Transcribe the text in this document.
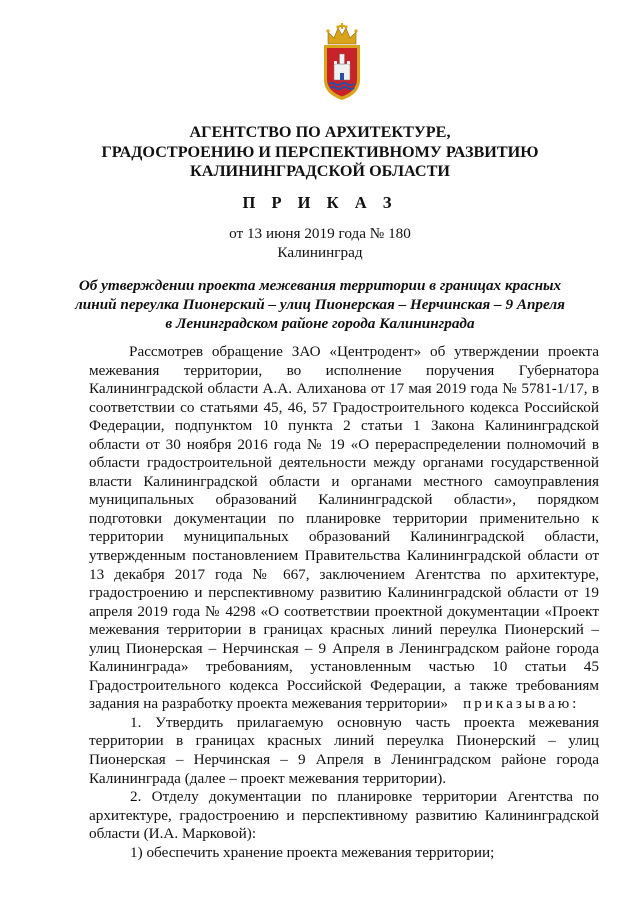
АГЕНТСТВО ПО АРХИТЕКТУРЕ,
ГРАДОСТРОЕНИЮ И ПЕРСПЕКТИВНОМУ РАЗВИТИЮ
КАЛИНИНГРАДСКОЙ ОБЛАСТИ
П Р И К А З
от 13 июня 2019 года № 180
Калининград
Об утверждении проекта межевания территории в границах красных
линий переулка Пионерский – улиц Пионерская – Нерчинская – 9 Апреля
в Ленинградском районе города Калининграда

Рассмотрев обращение ЗАО «Центродент» об утверждении проекта межевания территории, во исполнение поручения Губернатора Калининградской области А.А. Алиханова от 17 мая 2019 года № 5781-1/17, в соответствии со статьями 45, 46, 57 Градостроительного кодекса Российской Федерации, подпунктом 10 пункта 2 статьи 1 Закона Калининградской области от 30 ноября 2016 года № 19 «О перераспределении полномочий в области градостроительной деятельности между органами государственной власти Калининградской области и органами местного самоуправления муниципальных образований Калининградской области», порядком подготовки документации по планировке территории применительно к территории муниципальных образований Калининградской области, утвержденным постановлением Правительства Калининградской области от 13 декабря 2017 года № 667, заключением Агентства по архитектуре, градостроению и перспективному развитию Калининградской области от 19 апреля 2019 года № 4298 «О соответствии проектной документации «Проект межевания территории в границах красных линий переулка Пионерский – улиц Пионерская – Нерчинская – 9 Апреля в Ленинградском районе города Калининграда» требованиям, установленным частью 10 статьи 45 Градостроительного кодекса Российской Федерации, а также требованиям задания на разработку проекта межевания территории» приказываю:

1. Утвердить прилагаемую основную часть проекта межевания территории в границах красных линий переулка Пионерский – улиц Пионерская – Нерчинская – 9 Апреля в Ленинградском районе города Калининграда (далее – проект межевания территории).

2. Отделу документации по планировке территории Агентства по архитектуре, градостроению и перспективному развитию Калининградской области (И.А. Марковой):

1) обеспечить хранение проекта межевания территории;
